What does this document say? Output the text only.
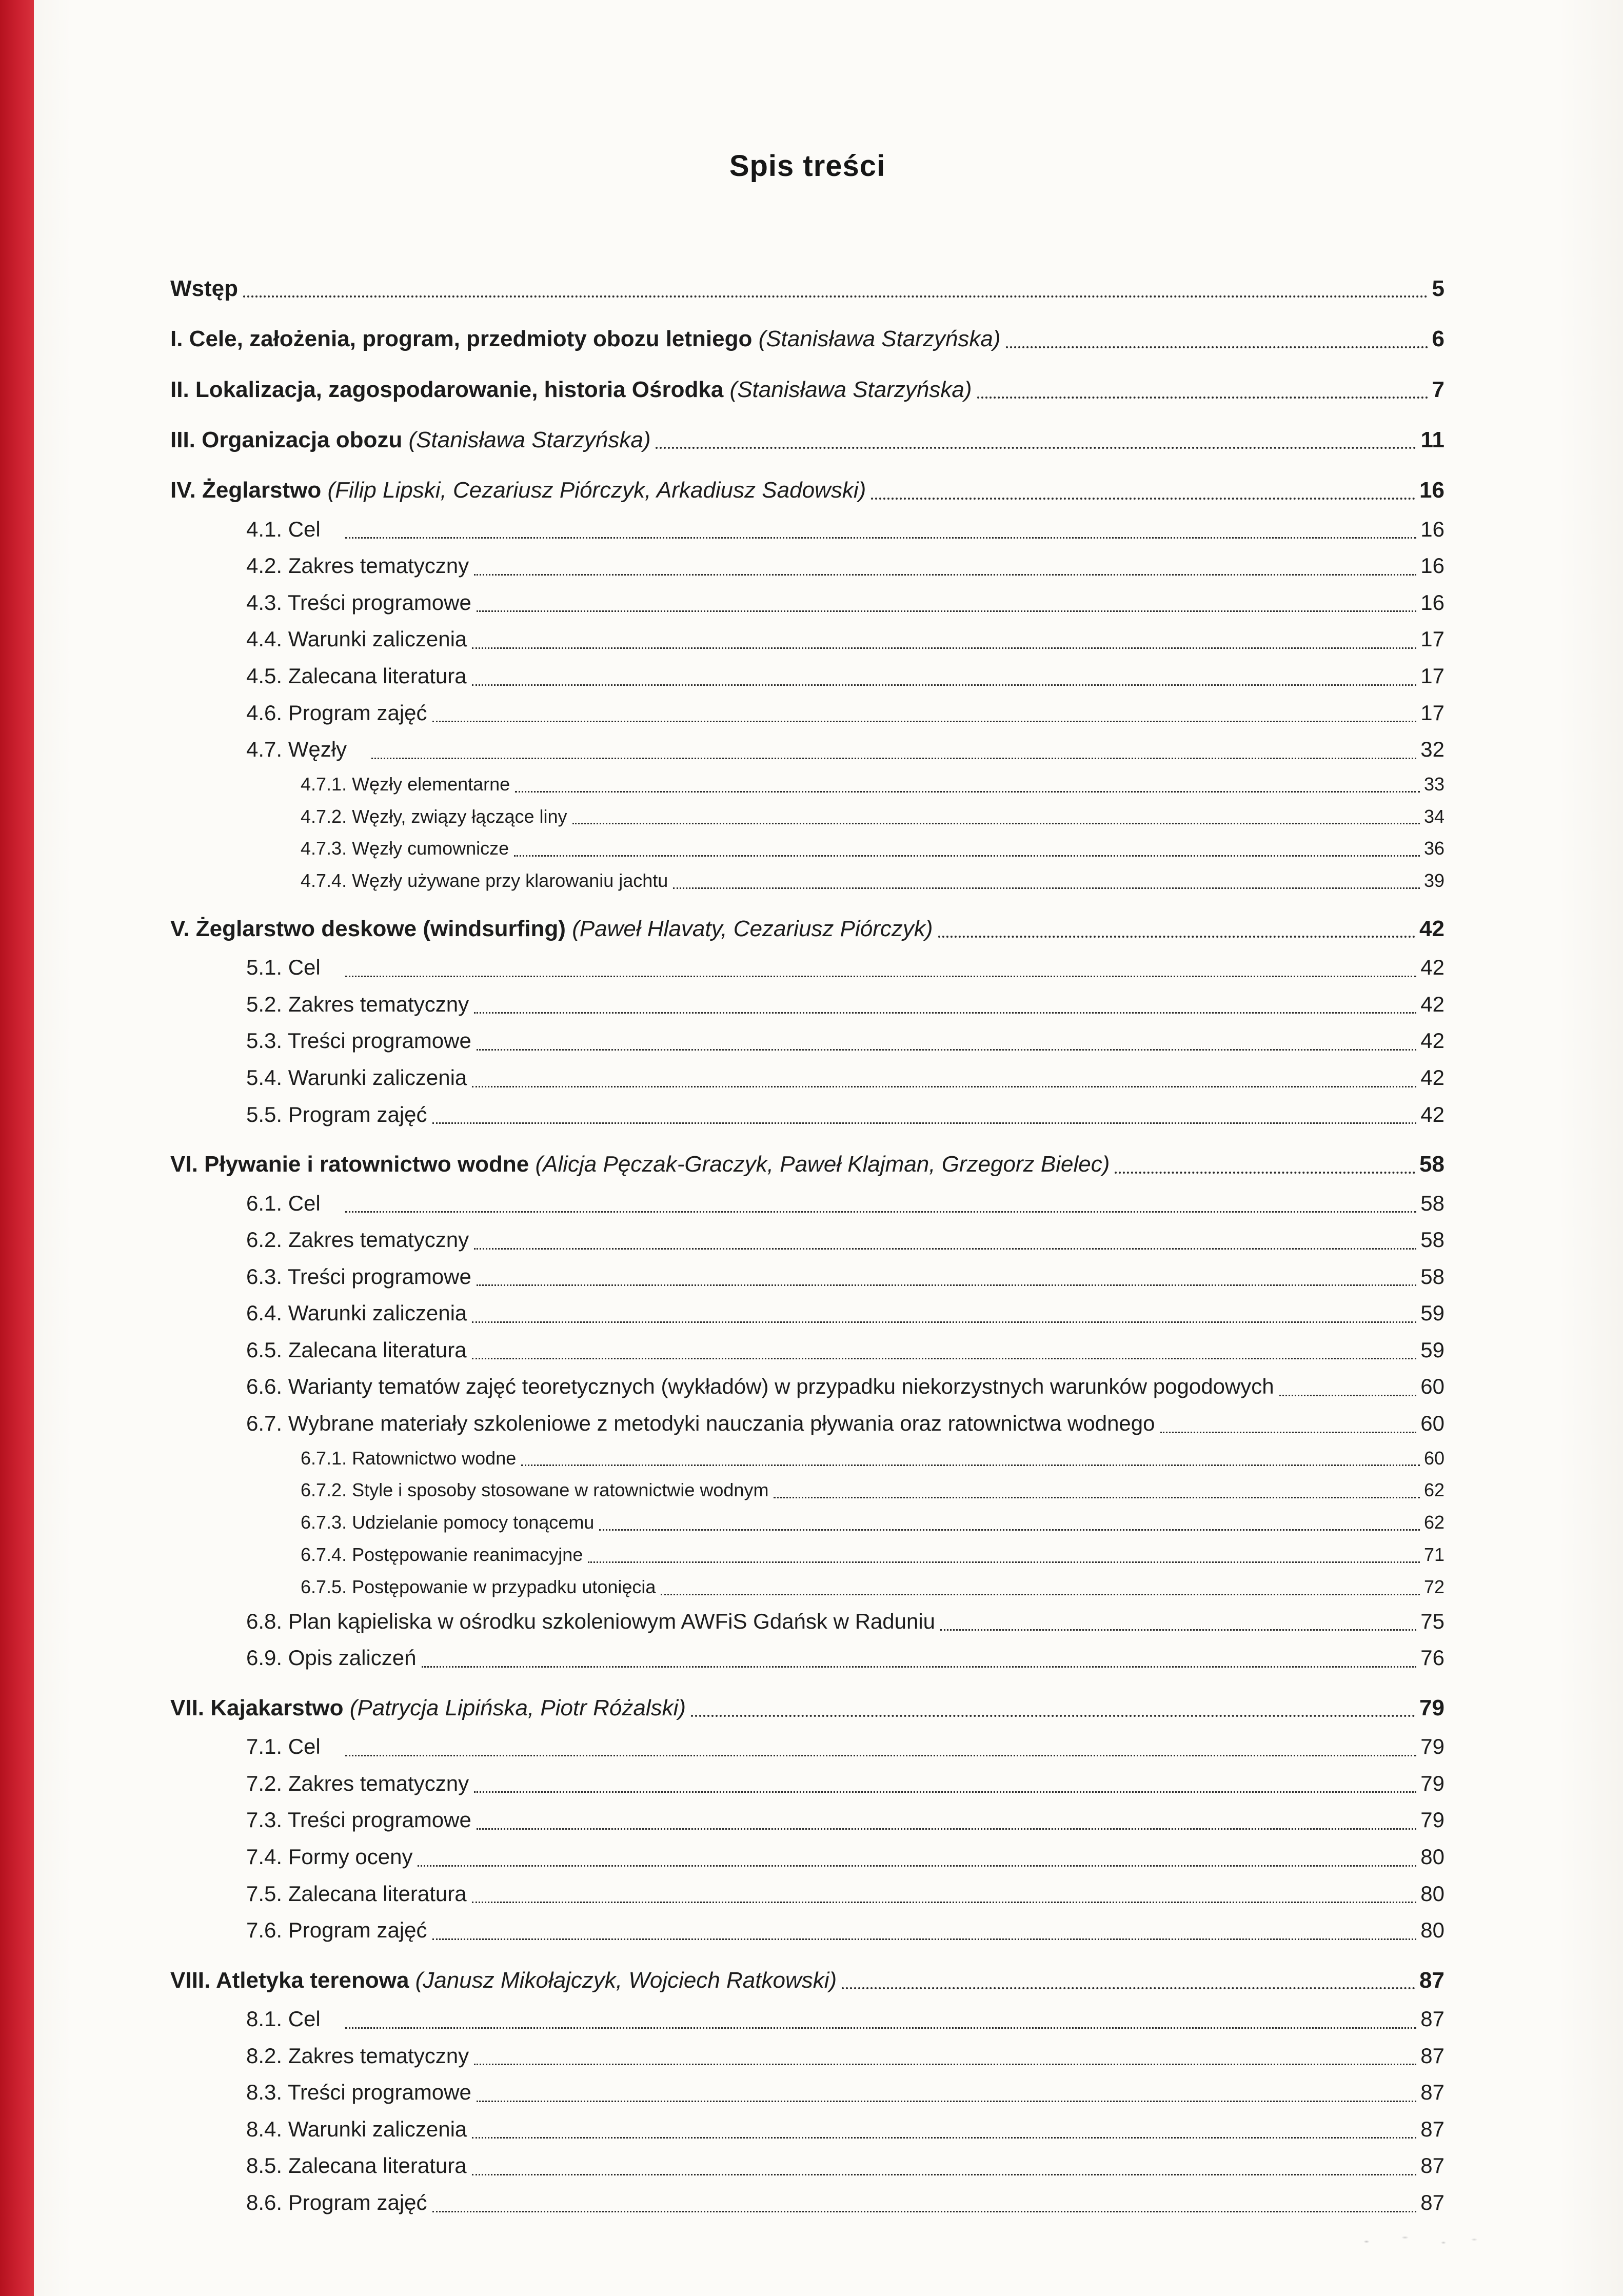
Spis treści
Wstęp	5
I. Cele, założenia, program, przedmioty obozu letniego (Stanisława Starzyńska)	6
II. Lokalizacja, zagospodarowanie, historia Ośrodka (Stanisława Starzyńska)	7
III. Organizacja obozu (Stanisława Starzyńska)	11
IV. Żeglarstwo (Filip Lipski, Cezariusz Piórczyk, Arkadiusz Sadowski)	16
4.1. Cel	16
4.2. Zakres tematyczny	16
4.3. Treści programowe	16
4.4. Warunki zaliczenia	17
4.5. Zalecana literatura	17
4.6. Program zajęć	17
4.7. Węzły	32
4.7.1. Węzły elementarne	33
4.7.2. Węzły, związy łączące liny	34
4.7.3. Węzły cumownicze	36
4.7.4. Węzły używane przy klarowaniu jachtu	39
V. Żeglarstwo deskowe (windsurfing) (Paweł Hlavaty, Cezariusz Piórczyk)	42
5.1. Cel	42
5.2. Zakres tematyczny	42
5.3. Treści programowe	42
5.4. Warunki zaliczenia	42
5.5. Program zajęć	42
VI. Pływanie i ratownictwo wodne (Alicja Pęczak-Graczyk, Paweł Klajman, Grzegorz Bielec)	58
6.1. Cel	58
6.2. Zakres tematyczny	58
6.3. Treści programowe	58
6.4. Warunki zaliczenia	59
6.5. Zalecana literatura	59
6.6. Warianty tematów zajęć teoretycznych (wykładów) w przypadku niekorzystnych warunków pogodowych	60
6.7. Wybrane materiały szkoleniowe z metodyki nauczania pływania oraz ratownictwa wodnego	60
6.7.1. Ratownictwo wodne	60
6.7.2. Style i sposoby stosowane w ratownictwie wodnym	62
6.7.3. Udzielanie pomocy tonącemu	62
6.7.4. Postępowanie reanimacyjne	71
6.7.5. Postępowanie w przypadku utonięcia	72
6.8. Plan kąpieliska w ośrodku szkoleniowym AWFiS Gdańsk w Raduniu	75
6.9. Opis zaliczeń	76
VII. Kajakarstwo (Patrycja Lipińska, Piotr Różalski)	79
7.1. Cel	79
7.2. Zakres tematyczny	79
7.3. Treści programowe	79
7.4. Formy oceny	80
7.5. Zalecana literatura	80
7.6. Program zajęć	80
VIII. Atletyka terenowa (Janusz Mikołajczyk, Wojciech Ratkowski)	87
8.1. Cel	87
8.2. Zakres tematyczny	87
8.3. Treści programowe	87
8.4. Warunki zaliczenia	87
8.5. Zalecana literatura	87
8.6. Program zajęć	87
